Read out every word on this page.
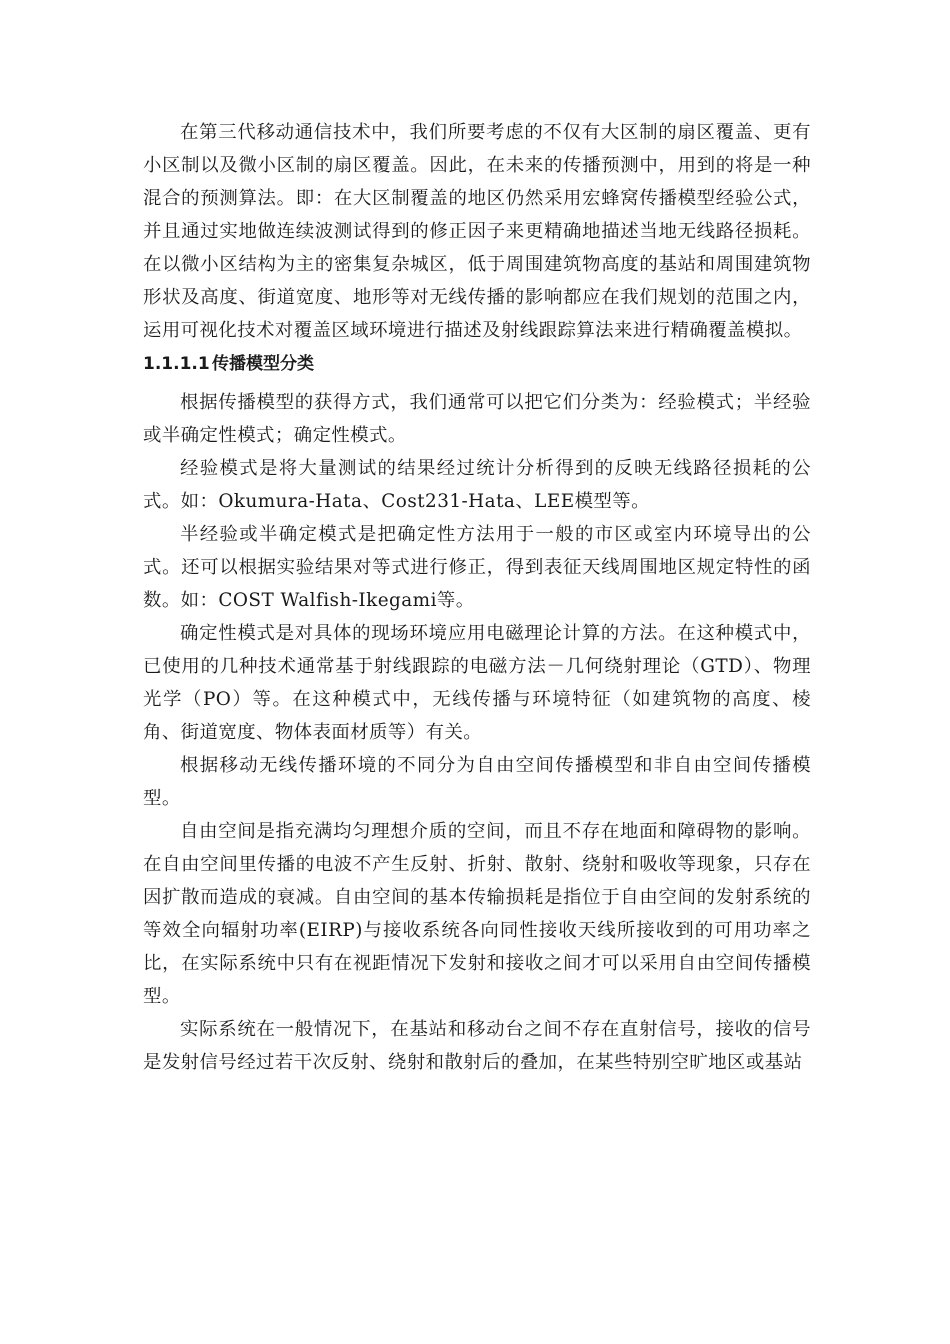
在第三代移动通信技术中，我们所要考虑的不仅有大区制的扇区覆盖、更有小区制以及微小区制的扇区覆盖。因此，在未来的传播预测中，用到的将是一种混合的预测算法。即：在大区制覆盖的地区仍然采用宏蜂窝传播模型经验公式，并且通过实地做连续波测试得到的修正因子来更精确地描述当地无线路径损耗。在以微小区结构为主的密集复杂城区，低于周围建筑物高度的基站和周围建筑物形状及高度、街道宽度、地形等对无线传播的影响都应在我们规划的范围之内，运用可视化技术对覆盖区域环境进行描述及射线跟踪算法来进行精确覆盖模拟。

1.1.1.1 传播模型分类

根据传播模型的获得方式，我们通常可以把它们分类为：经验模式；半经验或半确定性模式；确定性模式。

经验模式是将大量测试的结果经过统计分析得到的反映无线路径损耗的公式。如：Okumura-Hata、Cost231-Hata、LEE模型等。

半经验或半确定模式是把确定性方法用于一般的市区或室内环境导出的公式。还可以根据实验结果对等式进行修正，得到表征天线周围地区规定特性的函数。如：COST Walfish-Ikegami等。

确定性模式是对具体的现场环境应用电磁理论计算的方法。在这种模式中，已使用的几种技术通常基于射线跟踪的电磁方法－几何绕射理论（GTD）、物理光学（PO）等。在这种模式中，无线传播与环境特征（如建筑物的高度、棱角、街道宽度、物体表面材质等）有关。

根据移动无线传播环境的不同分为自由空间传播模型和非自由空间传播模型。

自由空间是指充满均匀理想介质的空间，而且不存在地面和障碍物的影响。在自由空间里传播的电波不产生反射、折射、散射、绕射和吸收等现象，只存在因扩散而造成的衰减。自由空间的基本传输损耗是指位于自由空间的发射系统的等效全向辐射功率(EIRP)与接收系统各向同性接收天线所接收到的可用功率之比，在实际系统中只有在视距情况下发射和接收之间才可以采用自由空间传播模型。

实际系统在一般情况下，在基站和移动台之间不存在直射信号，接收的信号是发射信号经过若干次反射、绕射和散射后的叠加，在某些特别空旷地区或基站
